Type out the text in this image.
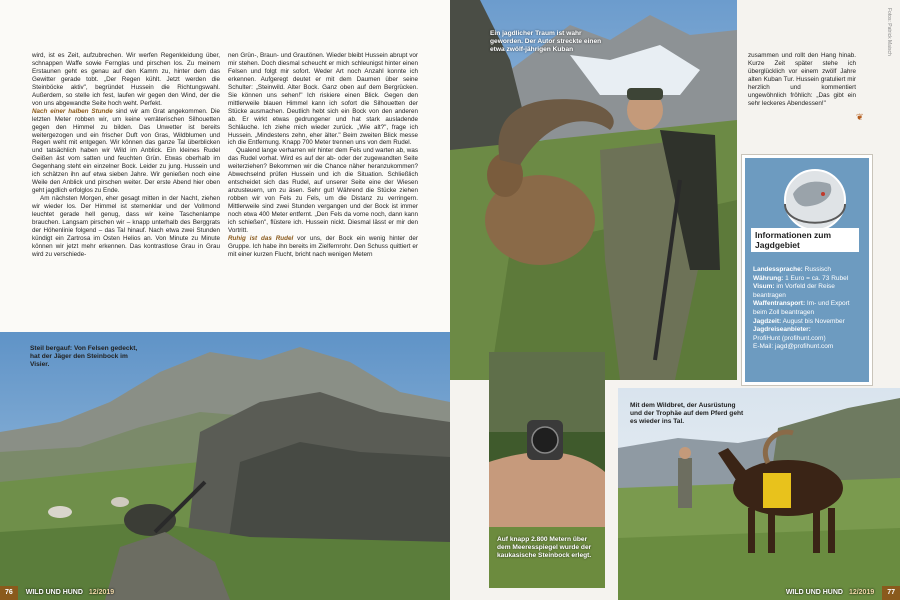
wird, ist es Zeit, aufzubrechen. Wir werfen Regenkleidung über, schnappen Waffe sowie Fernglas und pirschen los. Zu meinem Erstaunen geht es genau auf den Kamm zu, hinter dem das Gewitter gerade tobt. „Der Regen kühlt. Jetzt werden die Steinböcke aktiv", begründet Hussein die Richtungswahl. Außerdem, so stelle ich fest, laufen wir gegen den Wind, der die von uns abgewandte Seite hoch weht. Perfekt.

Nach einer halben Stunde sind wir am Grat angekommen. Die letzten Meter robben wir, um keine verräterischen Silhouetten gegen den Himmel zu bilden. Das Unwetter ist bereits weitergezogen und ein frischer Duft von Gras, Wildblumen und Regen weht mit entgegen. Wir können das ganze Tal überblicken und tatsächlich haben wir Wild im Anblick. Ein kleines Rudel Geißen äst vom satten und feuchten Grün. Etwas oberhalb im Gegenhang steht ein einzelner Bock. Leider zu jung. Hussein und ich schätzen ihn auf etwa sieben Jahre. Wir genießen noch eine Weile den Anblick und pirschen weiter. Der erste Abend hier oben geht jagdlich erfolglos zu Ende.

Am nächsten Morgen, eher gesagt mitten in der Nacht, ziehen wir wieder los. Der Himmel ist sternenklar und der Vollmond leuchtet gerade hell genug, dass wir keine Taschenlampe brauchen. Langsam pirschen wir – knapp unterhalb des Berggrats der Höhenlinie folgend – das Tal hinauf. Nach etwa zwei Stunden kündigt ein Zartrosa im Osten Helios an. Von Minute zu Minute können wir jetzt mehr erkennen. Das kontrastlose Grau in Grau wird zu verschiede-

nen Grün-, Braun- und Grautönen. Wieder bleibt Hussein abrupt vor mir stehen. Doch diesmal scheucht er mich schleunigst hinter einen Felsen und folgt mir sofort. Weder Art noch Anzahl konnte ich erkennen. Aufgeregt deutet er mit dem Daumen über seine Schulter: „Steinwild. Alter Bock. Ganz oben auf dem Bergrücken. Sie können uns sehen!" Ich riskiere einen Blick. Gegen den mittlerweile blauen Himmel kann ich sofort die Silhouetten der Stücke ausmachen. Deutlich hebt sich ein Bock von den anderen ab. Er wirkt etwas gedrungener und hat stark ausladende Schläuche. Ich ziehe mich wieder zurück. „Wie alt?", frage ich Hussein. „Mindestens zehn, eher älter." Beim zweiten Blick messe ich die Entfernung. Knapp 700 Meter trennen uns von dem Rudel.

Qualend lange verharren wir hinter dem Fels und warten ab, was das Rudel vorhat. Wird es auf der ab- oder der zugewandten Seite weiterziehen? Bekommen wir die Chance näher heranzukommen? Abwechselnd prüfen Hussein und ich die Situation. Schließlich entscheidet sich das Rudel, auf unserer Seite eine der Wiesen anzusteuern, um zu äsen. Sehr gut! Während die Stücke ziehen robben wir von Fels zu Fels, um die Distanz zu verringern. Mittlerweile sind zwei Stunden vergangen und der Bock ist immer noch etwa 400 Meter entfernt. „Den Fels da vorne noch, dann kann ich schießen", flüstere ich. Hussein nickt. Diesmal lässt er mir den Vortritt.

Ruhig ist das Rudel vor uns, der Bock ein wenig hinter der Gruppe. Ich habe ihn bereits im Zielfernrohr. Den Schuss quittiert er mit einer kurzen Flucht, bricht nach wenigen Metern

Steil bergauf: Von Felsen gedeckt, hat der Jäger den Steinbock im Visier.
76 WILD UND HUND 12/2019
Ein jagdlicher Traum ist wahr geworden. Der Autor streckte einen etwa zwölf-jährigen Kuban

zusammen und rollt den Hang hinab. Kurze Zeit später stehe ich überglücklich vor einem zwölf Jahre alten Kuban Tur. Hussein gratuliert mir herzlich und kommentiert ungewöhnlich fröhlich: „Das gibt ein sehr leckeres Abendessen!"

❦
Fotos: Patrick Maisch
Auf knapp 2.800 Metern über dem Meeresspiegel wurde der kaukasische Steinbock erlegt.
Mit dem Wildbret, der Ausrüstung und der Trophäe auf dem Pferd geht es wieder ins Tal.
WILD UND HUND 12/2019 77
Informationen zum Jagdgebiet
Landessprache: Russisch
Währung: 1 Euro = ca. 73 Rubel
Visum: im Vorfeld der Reise beantragen
Waffentransport: Im- und Export beim Zoll beantragen
Jagdzeit: August bis November
Jagdreiseanbieter:
ProfiHunt (profihunt.com)
E-Mail: jagd@profihunt.com
